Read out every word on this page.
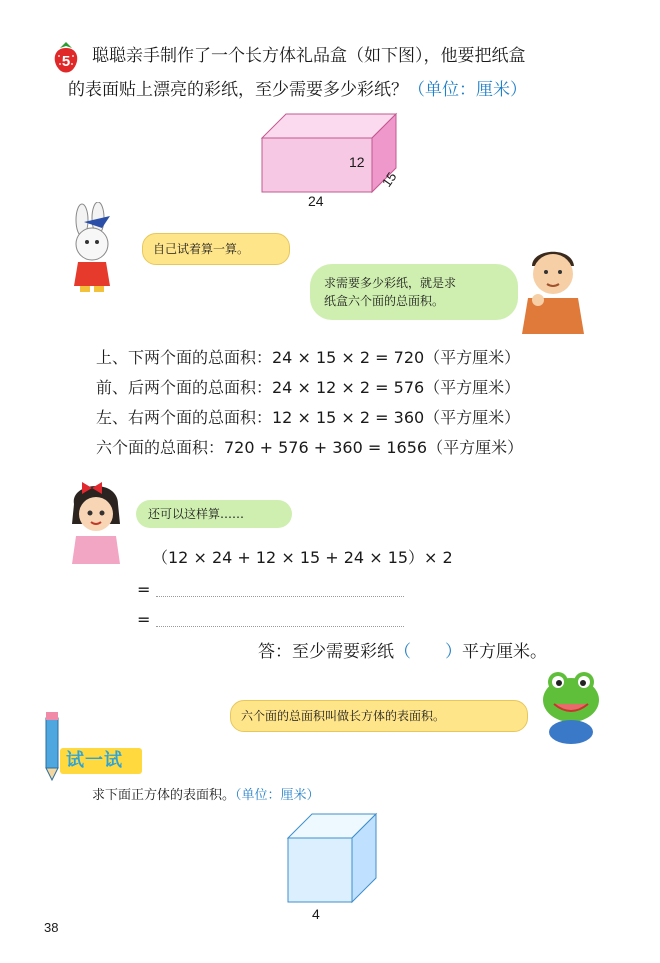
5	聪聪亲手制作了一个长方体礼品盒（如下图），他要把纸盒
的表面贴上漂亮的彩纸，至少需要多少彩纸？（单位：厘米）
12
24
15
自己试着算一算。
求需要多少彩纸，就是求
纸盒六个面的总面积。
上、下两个面的总面积：24 × 15 × 2 = 720（平方厘米）
前、后两个面的总面积：24 × 12 × 2 = 576（平方厘米）
左、右两个面的总面积：12 × 15 × 2 = 360（平方厘米）
六个面的总面积：720 + 576 + 360 = 1656（平方厘米）
还可以这样算……
（12 × 24 + 12 × 15 + 24 × 15）× 2
=
=
答：至少需要彩纸（　　）平方厘米。
六个面的总面积叫做长方体的表面积。
试一试
求下面正方体的表面积。（单位：厘米）
4
38
